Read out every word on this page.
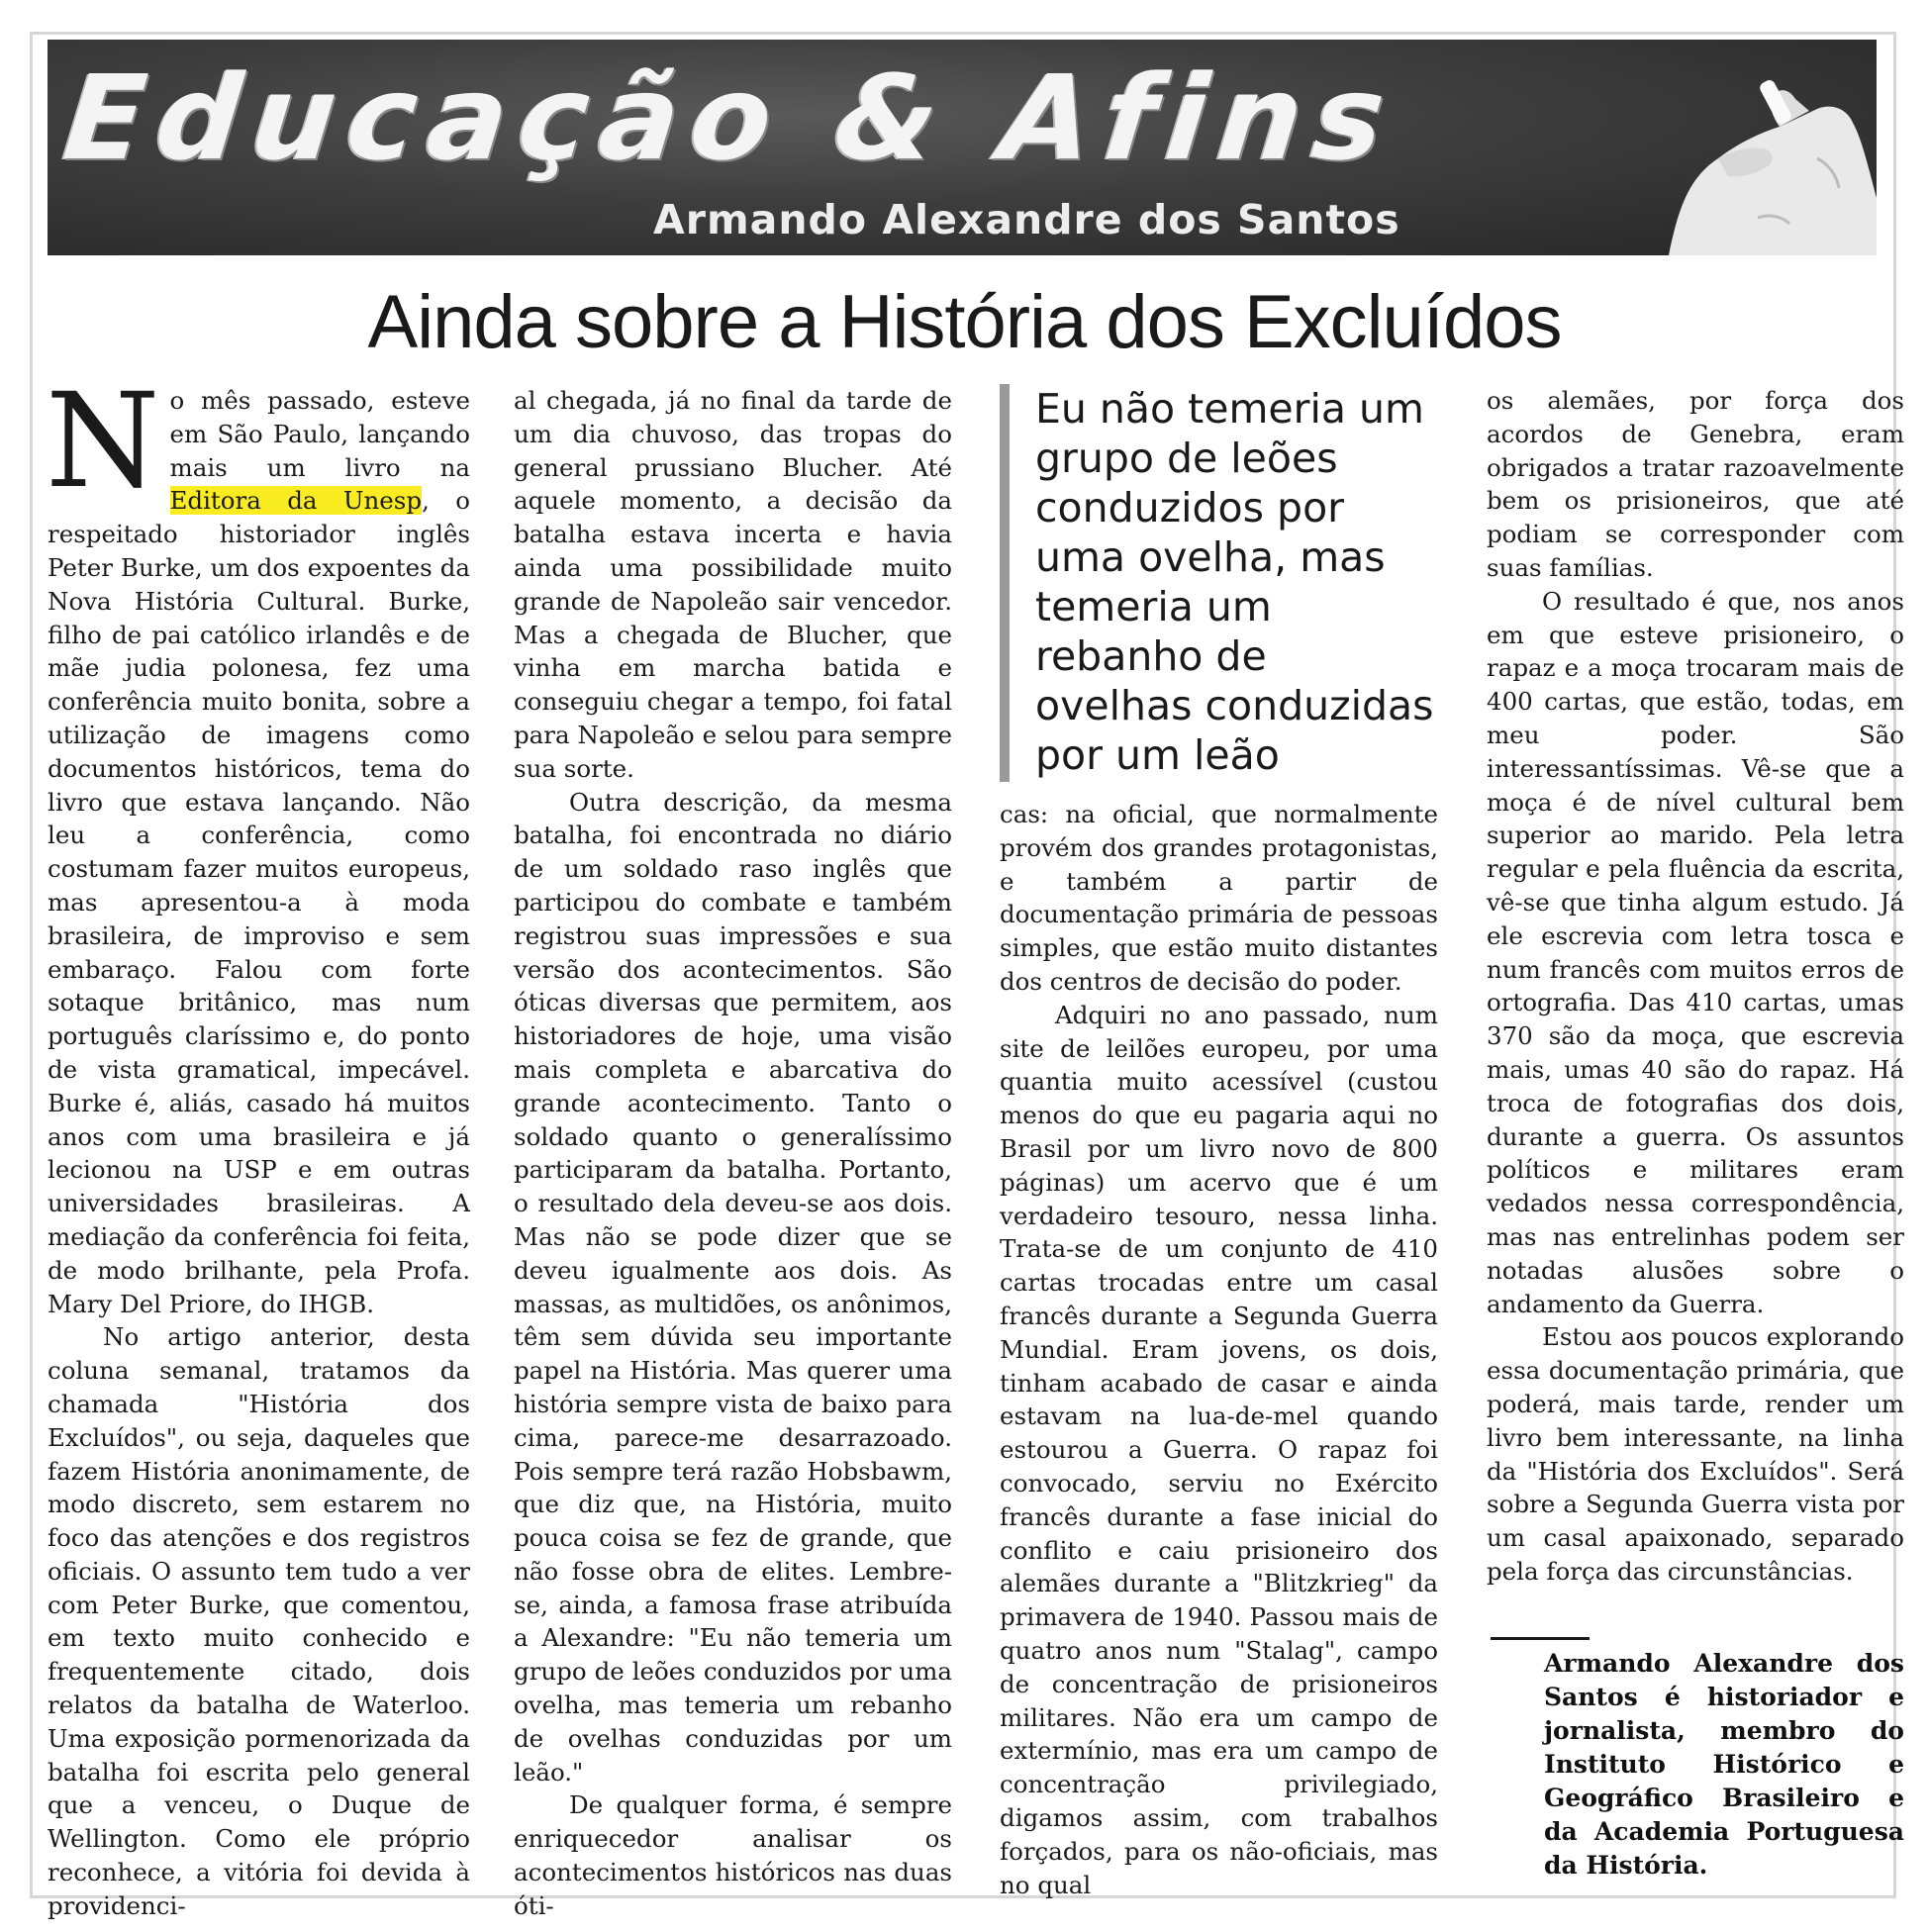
Educação & Afins
Armando Alexandre dos Santos
Ainda sobre a História dos Excluídos

No mês passado, esteve em São Paulo, lançando mais um livro na Editora da Unesp, o respeitado historiador inglês Peter Burke, um dos expoentes da Nova História Cultural. Burke, filho de pai católico irlandês e de mãe judia polonesa, fez uma conferência muito bonita, sobre a utilização de imagens como documentos históricos, tema do livro que estava lançando. Não leu a conferência, como costumam fazer muitos europeus, mas apresentou-a à moda brasileira, de improviso e sem embaraço. Falou com forte sotaque britânico, mas num português claríssimo e, do ponto de vista gramatical, impecável. Burke é, aliás, casado há muitos anos com uma brasileira e já lecionou na USP e em outras universidades brasileiras. A mediação da conferência foi feita, de modo brilhante, pela Profa. Mary Del Priore, do IHGB.

No artigo anterior, desta coluna semanal, tratamos da chamada "História dos Excluídos", ou seja, daqueles que fazem História anonimamente, de modo discreto, sem estarem no foco das atenções e dos registros oficiais. O assunto tem tudo a ver com Peter Burke, que comentou, em texto muito conhecido e frequentemente citado, dois relatos da batalha de Waterloo. Uma exposição pormenorizada da batalha foi escrita pelo general que a venceu, o Duque de Wellington. Como ele próprio reconhece, a vitória foi devida à providenci-

al chegada, já no final da tarde de um dia chuvoso, das tropas do general prussiano Blucher. Até aquele momento, a decisão da batalha estava incerta e havia ainda uma possibilidade muito grande de Napoleão sair vencedor. Mas a chegada de Blucher, que vinha em marcha batida e conseguiu chegar a tempo, foi fatal para Napoleão e selou para sempre sua sorte.

Outra descrição, da mesma batalha, foi encontrada no diário de um soldado raso inglês que participou do combate e também registrou suas impressões e sua versão dos acontecimentos. São óticas diversas que permitem, aos historiadores de hoje, uma visão mais completa e abarcativa do grande acontecimento. Tanto o soldado quanto o generalíssimo participaram da batalha. Portanto, o resultado dela deveu-se aos dois. Mas não se pode dizer que se deveu igualmente aos dois. As massas, as multidões, os anônimos, têm sem dúvida seu importante papel na História. Mas querer uma história sempre vista de baixo para cima, parece-me desarrazoado. Pois sempre terá razão Hobsbawm, que diz que, na História, muito pouca coisa se fez de grande, que não fosse obra de elites. Lembre-se, ainda, a famosa frase atribuída a Alexandre: "Eu não temeria um grupo de leões conduzidos por uma ovelha, mas temeria um rebanho de ovelhas conduzidas por um leão."

De qualquer forma, é sempre enriquecedor analisar os acontecimentos históricos nas duas óti-

Eu não temeria um grupo de leões conduzidos por uma ovelha, mas temeria um rebanho de ovelhas conduzidas por um leão

cas: na oficial, que normalmente provém dos grandes protagonistas, e também a partir de documentação primária de pessoas simples, que estão muito distantes dos centros de decisão do poder.

Adquiri no ano passado, num site de leilões europeu, por uma quantia muito acessível (custou menos do que eu pagaria aqui no Brasil por um livro novo de 800 páginas) um acervo que é um verdadeiro tesouro, nessa linha. Trata-se de um conjunto de 410 cartas trocadas entre um casal francês durante a Segunda Guerra Mundial. Eram jovens, os dois, tinham acabado de casar e ainda estavam na lua-de-mel quando estourou a Guerra. O rapaz foi convocado, serviu no Exército francês durante a fase inicial do conflito e caiu prisioneiro dos alemães durante a "Blitzkrieg" da primavera de 1940. Passou mais de quatro anos num "Stalag", campo de concentração de prisioneiros militares. Não era um campo de extermínio, mas era um campo de concentração privilegiado, digamos assim, com trabalhos forçados, para os não-oficiais, mas no qual

os alemães, por força dos acordos de Genebra, eram obrigados a tratar razoavelmente bem os prisioneiros, que até podiam se corresponder com suas famílias.

O resultado é que, nos anos em que esteve prisioneiro, o rapaz e a moça trocaram mais de 400 cartas, que estão, todas, em meu poder. São interessantíssimas. Vê-se que a moça é de nível cultural bem superior ao marido. Pela letra regular e pela fluência da escrita, vê-se que tinha algum estudo. Já ele escrevia com letra tosca e num francês com muitos erros de ortografia. Das 410 cartas, umas 370 são da moça, que escrevia mais, umas 40 são do rapaz. Há troca de fotografias dos dois, durante a guerra. Os assuntos políticos e militares eram vedados nessa correspondência, mas nas entrelinhas podem ser notadas alusões sobre o andamento da Guerra.

Estou aos poucos explorando essa documentação primária, que poderá, mais tarde, render um livro bem interessante, na linha da "História dos Excluídos". Será sobre a Segunda Guerra vista por um casal apaixonado, separado pela força das circunstâncias.

Armando Alexandre dos Santos é historiador e jornalista, membro do Instituto Histórico e Geográfico Brasileiro e da Academia Portuguesa da História.
